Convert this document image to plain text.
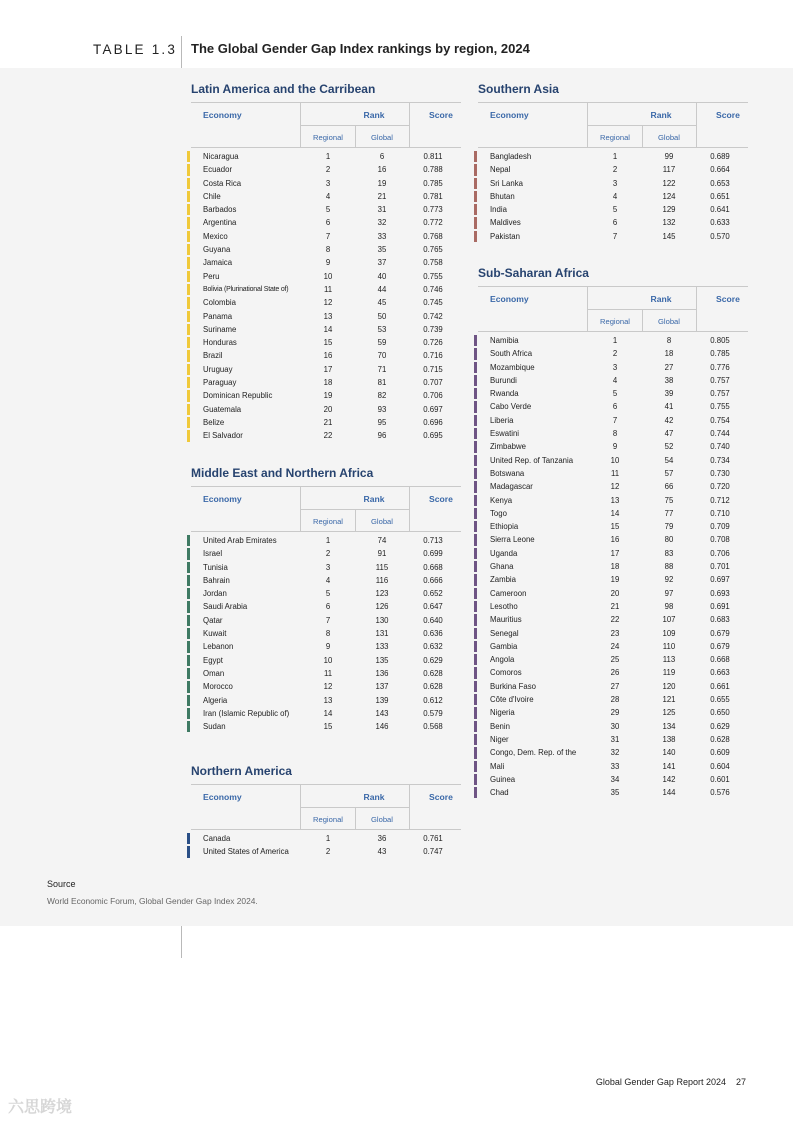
TABLE 1.3 The Global Gender Gap Index rankings by region, 2024
Latin America and the Carribean
Economy	Rank	Score
Regional	Global
Nicaragua	1	6	0.811
Ecuador	2	16	0.788
Costa Rica	3	19	0.785
Chile	4	21	0.781
Barbados	5	31	0.773
Argentina	6	32	0.772
Mexico	7	33	0.768
Guyana	8	35	0.765
Jamaica	9	37	0.758
Peru	10	40	0.755
Bolivia (Plurinational State of)	11	44	0.746
Colombia	12	45	0.745
Panama	13	50	0.742
Suriname	14	53	0.739
Honduras	15	59	0.726
Brazil	16	70	0.716
Uruguay	17	71	0.715
Paraguay	18	81	0.707
Dominican Republic	19	82	0.706
Guatemala	20	93	0.697
Belize	21	95	0.696
El Salvador	22	96	0.695
Middle East and Northern Africa
Economy	Rank	Score
Regional	Global
United Arab Emirates	1	74	0.713
Israel	2	91	0.699
Tunisia	3	115	0.668
Bahrain	4	116	0.666
Jordan	5	123	0.652
Saudi Arabia	6	126	0.647
Qatar	7	130	0.640
Kuwait	8	131	0.636
Lebanon	9	133	0.632
Egypt	10	135	0.629
Oman	11	136	0.628
Morocco	12	137	0.628
Algeria	13	139	0.612
Iran (Islamic Republic of)	14	143	0.579
Sudan	15	146	0.568
Northern America
Economy	Rank	Score
Regional	Global
Canada	1	36	0.761
United States of America	2	43	0.747
Southern Asia
Economy	Rank	Score
Regional	Global
Bangladesh	1	99	0.689
Nepal	2	117	0.664
Sri Lanka	3	122	0.653
Bhutan	4	124	0.651
India	5	129	0.641
Maldives	6	132	0.633
Pakistan	7	145	0.570
Sub-Saharan Africa
Economy	Rank	Score
Regional	Global
Namibia	1	8	0.805
South Africa	2	18	0.785
Mozambique	3	27	0.776
Burundi	4	38	0.757
Rwanda	5	39	0.757
Cabo Verde	6	41	0.755
Liberia	7	42	0.754
Eswatini	8	47	0.744
Zimbabwe	9	52	0.740
United Rep. of Tanzania	10	54	0.734
Botswana	11	57	0.730
Madagascar	12	66	0.720
Kenya	13	75	0.712
Togo	14	77	0.710
Ethiopia	15	79	0.709
Sierra Leone	16	80	0.708
Uganda	17	83	0.706
Ghana	18	88	0.701
Zambia	19	92	0.697
Cameroon	20	97	0.693
Lesotho	21	98	0.691
Mauritius	22	107	0.683
Senegal	23	109	0.679
Gambia	24	110	0.679
Angola	25	113	0.668
Comoros	26	119	0.663
Burkina Faso	27	120	0.661
Côte d'Ivoire	28	121	0.655
Nigeria	29	125	0.650
Benin	30	134	0.629
Niger	31	138	0.628
Congo, Dem. Rep. of the	32	140	0.609
Mali	33	141	0.604
Guinea	34	142	0.601
Chad	35	144	0.576
Source
World Economic Forum, Global Gender Gap Index 2024.
Global Gender Gap Report 2024 27
六思跨境
